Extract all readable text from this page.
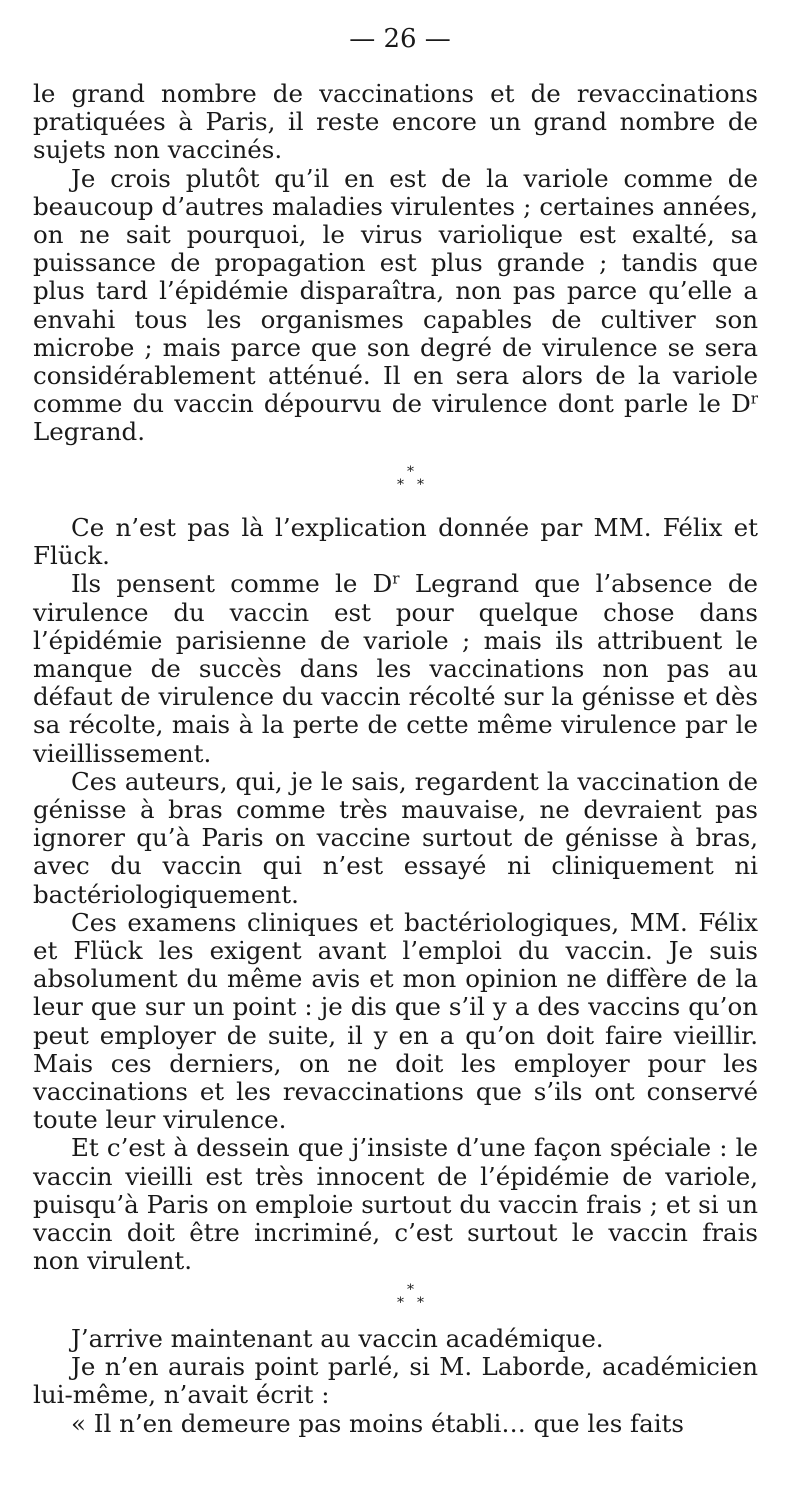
— 26 —

le grand nombre de vaccinations et de revaccinations pratiquées à Paris, il reste encore un grand nombre de sujets non vaccinés.

Je crois plutôt qu’il en est de la variole comme de beaucoup d’autres maladies virulentes ; certaines années, on ne sait pourquoi, le virus variolique est exalté, sa puissance de propagation est plus grande ; tandis que plus tard l’épidémie disparaîtra, non pas parce qu’elle a envahi tous les organismes capables de cultiver son microbe ; mais parce que son degré de virulence se sera considérablement atténué. Il en sera alors de la variole comme du vaccin dépourvu de virulence dont parle le $D^r$ Legrand.

*
* *

Ce n’est pas là l’explication donnée par MM. Félix et Flück.

Ils pensent comme le $D^r$ Legrand que l’absence de virulence du vaccin est pour quelque chose dans l’épidémie parisienne de variole ; mais ils attribuent le manque de succès dans les vaccinations non pas au défaut de virulence du vaccin récolté sur la génisse et dès sa récolte, mais à la perte de cette même virulence par le vieillissement.

Ces auteurs, qui, je le sais, regardent la vaccination de génisse à bras comme très mauvaise, ne devraient pas ignorer qu’à Paris on vaccine surtout de génisse à bras, avec du vaccin qui n’est essayé ni cliniquement ni bactériologiquement.

Ces examens cliniques et bactériologiques, MM. Félix et Flück les exigent avant l’emploi du vaccin. Je suis absolument du même avis et mon opinion ne diffère de la leur que sur un point : je dis que s’il y a des vaccins qu’on peut employer de suite, il y en a qu’on doit faire vieillir. Mais ces derniers, on ne doit les employer pour les vaccinations et les revaccinations que s’ils ont conservé toute leur virulence.

Et c’est à dessein que j’insiste d’une façon spéciale : le vaccin vieilli est très innocent de l’épidémie de variole, puisqu’à Paris on emploie surtout du vaccin frais ; et si un vaccin doit être incriminé, c’est surtout le vaccin frais non virulent.

*
* *

J’arrive maintenant au vaccin académique.

Je n’en aurais point parlé, si M. Laborde, académicien lui-même, n’avait écrit :

« Il n’en demeure pas moins établi… que les faits
